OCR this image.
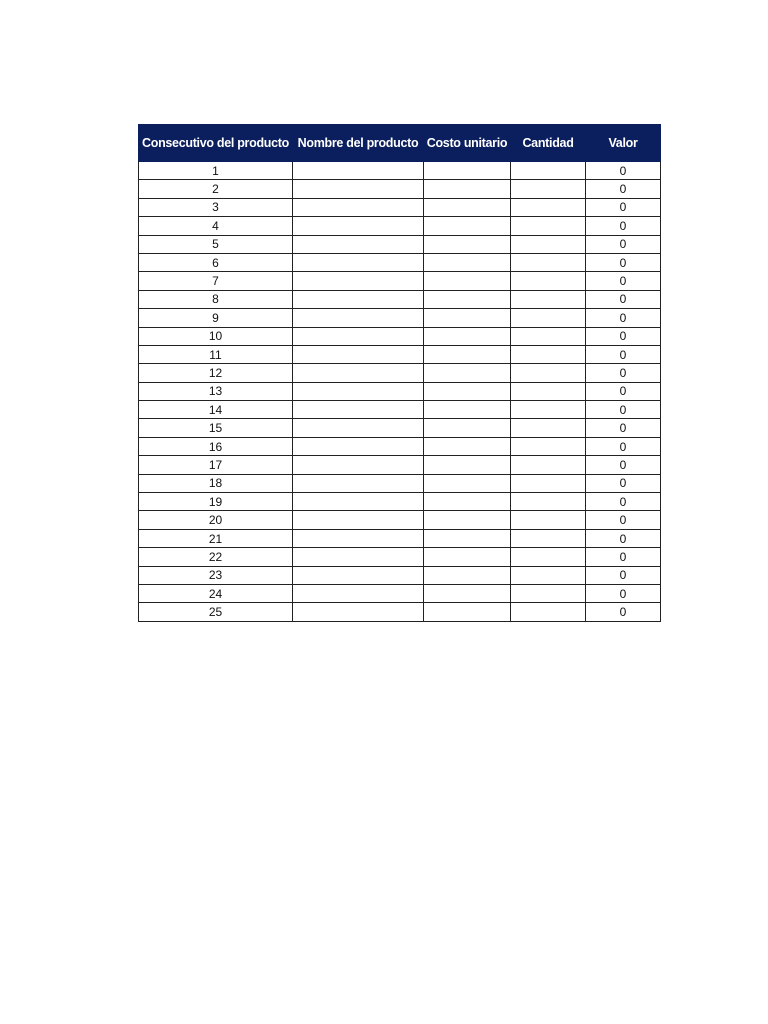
Consecutivo del producto	Nombre del producto	Costo unitario	Cantidad	Valor
1				0
2				0
3				0
4				0
5				0
6				0
7				0
8				0
9				0
10				0
11				0
12				0
13				0
14				0
15				0
16				0
17				0
18				0
19				0
20				0
21				0
22				0
23				0
24				0
25				0
